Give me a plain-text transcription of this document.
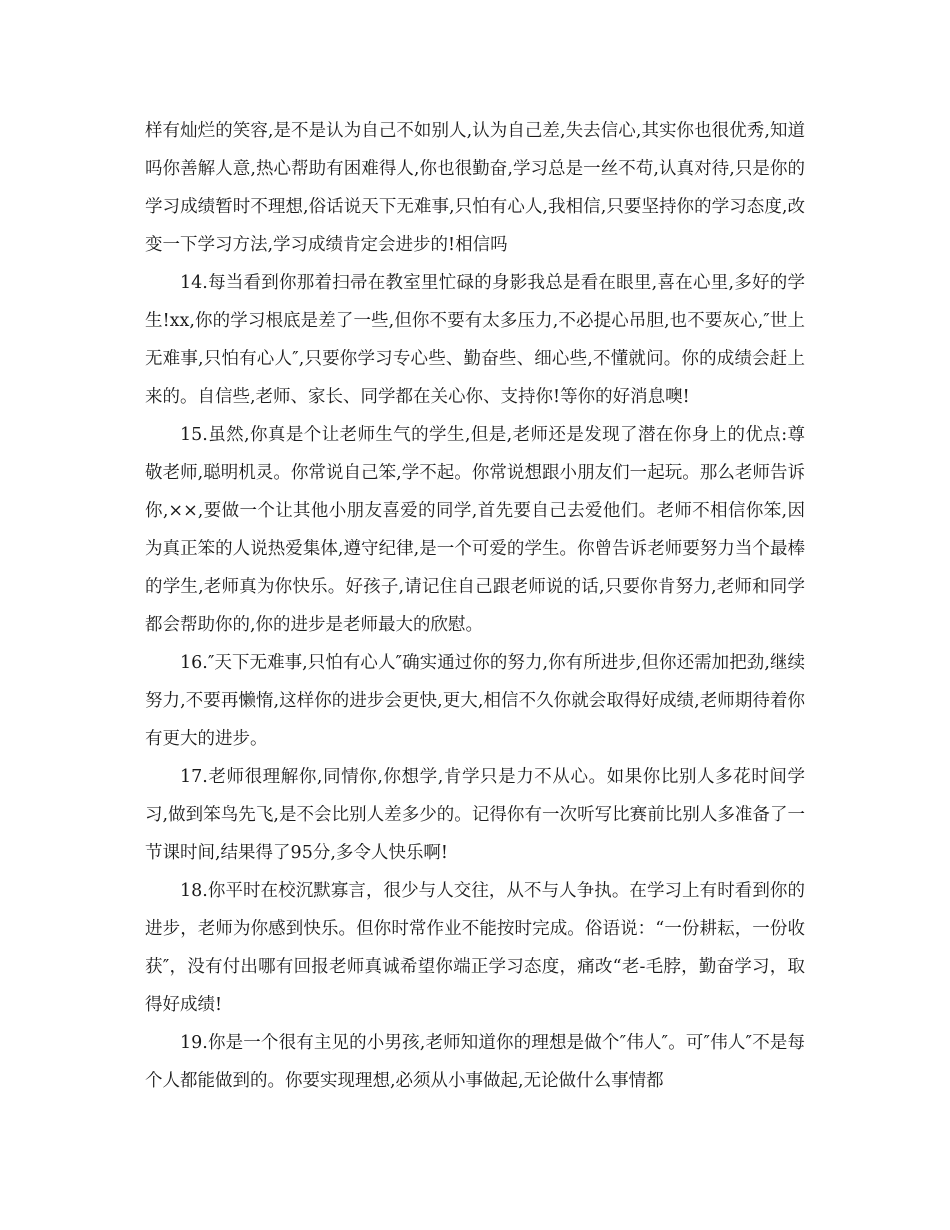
样有灿烂的笑容,是不是认为自己不如别人,认为自己差,失去信心,其实你也很优秀,知道吗你善解人意,热心帮助有困难得人,你也很勤奋,学习总是一丝不苟,认真对待,只是你的学习成绩暂时不理想,俗话说天下无难事,只怕有心人,我相信,只要坚持你的学习态度,改变一下学习方法,学习成绩肯定会进步的!相信吗

14.每当看到你那着扫帚在教室里忙碌的身影我总是看在眼里,喜在心里,多好的学生!xx,你的学习根底是差了一些,但你不要有太多压力,不必提心吊胆,也不要灰心,″世上无难事,只怕有心人″,只要你学习专心些、勤奋些、细心些,不懂就问。你的成绩会赶上来的。自信些,老师、家长、同学都在关心你、支持你!等你的好消息噢!

15.虽然,你真是个让老师生气的学生,但是,老师还是发现了潜在你身上的优点:尊敬老师,聪明机灵。你常说自己笨,学不起。你常说想跟小朋友们一起玩。那么老师告诉你,××,要做一个让其他小朋友喜爱的同学,首先要自己去爱他们。老师不相信你笨,因为真正笨的人说热爱集体,遵守纪律,是一个可爱的学生。你曾告诉老师要努力当个最棒的学生,老师真为你快乐。好孩子,请记住自己跟老师说的话,只要你肯努力,老师和同学都会帮助你的,你的进步是老师最大的欣慰。

16.″天下无难事,只怕有心人″确实通过你的努力,你有所进步,但你还需加把劲,继续努力,不要再懒惰,这样你的进步会更快,更大,相信不久你就会取得好成绩,老师期待着你有更大的进步。

17.老师很理解你,同情你,你想学,肯学只是力不从心。如果你比别人多花时间学习,做到笨鸟先飞,是不会比别人差多少的。记得你有一次听写比赛前比别人多准备了一节课时间,结果得了95分,多令人快乐啊!

18.你平时在校沉默寡言，很少与人交往，从不与人争执。在学习上有时看到你的进步，老师为你感到快乐。但你时常作业不能按时完成。俗语说：“一份耕耘，一份收获″，没有付出哪有回报老师真诚希望你端正学习态度，痛改“老-毛脖，勤奋学习，取得好成绩!

19.你是一个很有主见的小男孩,老师知道你的理想是做个″伟人″。可″伟人″不是每个人都能做到的。你要实现理想,必须从小事做起,无论做什么事情都
